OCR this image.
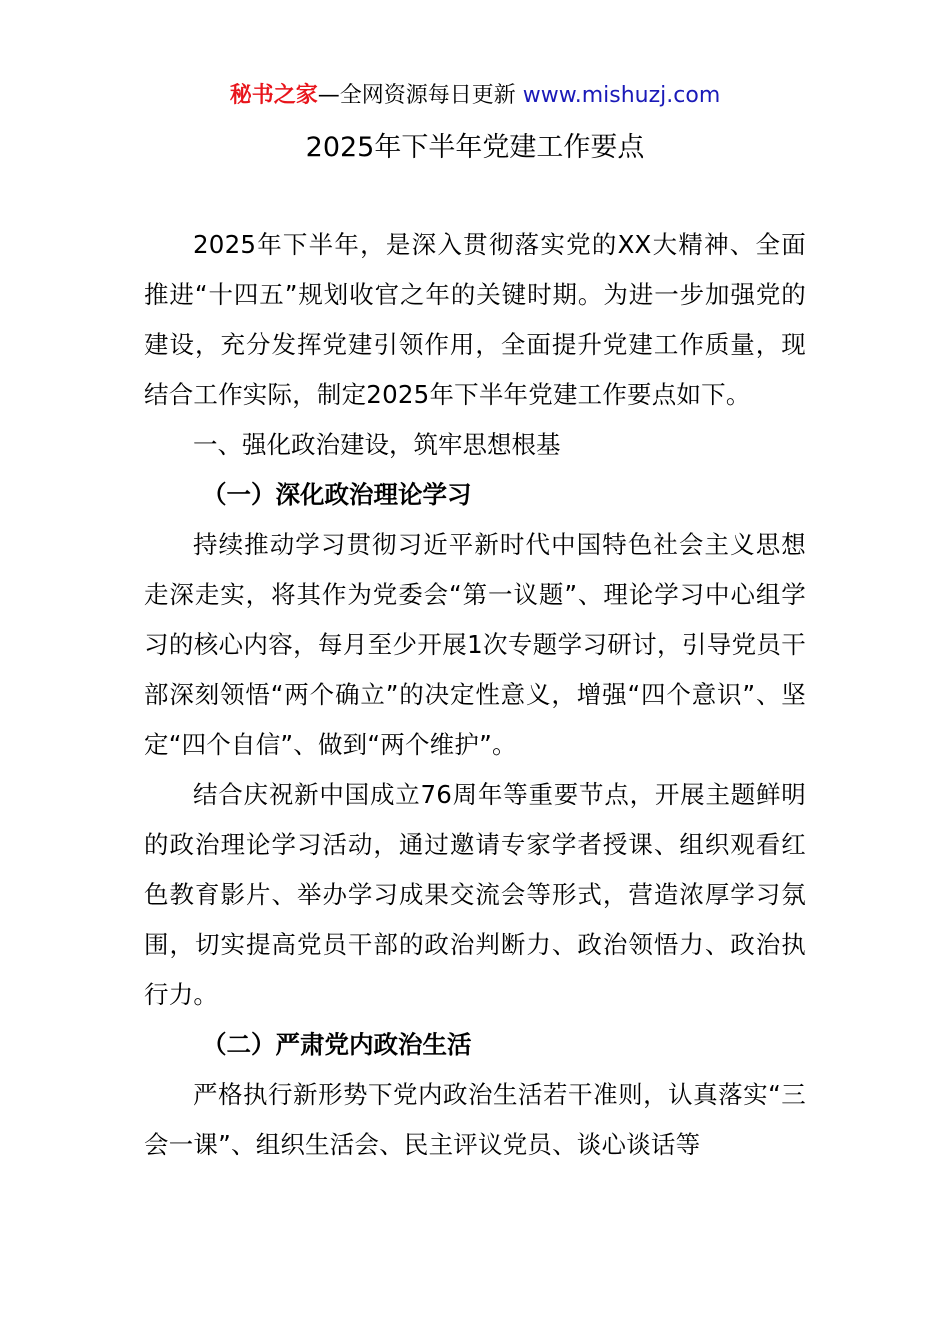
秘书之家—全网资源每日更新 www.mishuzj.com
2025年下半年党建工作要点

2025年下半年，是深入贯彻落实党的XX大精神、全面推进“十四五”规划收官之年的关键时期。为进一步加强党的建设，充分发挥党建引领作用，全面提升党建工作质量，现结合工作实际，制定2025年下半年党建工作要点如下。

一、强化政治建设，筑牢思想根基

（一）深化政治理论学习

持续推动学习贯彻习近平新时代中国特色社会主义思想走深走实，将其作为党委会“第一议题”、理论学习中心组学习的核心内容，每月至少开展1次专题学习研讨，引导党员干部深刻领悟“两个确立”的决定性意义，增强“四个意识”、坚定“四个自信”、做到“两个维护”。

结合庆祝新中国成立76周年等重要节点，开展主题鲜明的政治理论学习活动，通过邀请专家学者授课、组织观看红色教育影片、举办学习成果交流会等形式，营造浓厚学习氛围，切实提高党员干部的政治判断力、政治领悟力、政治执行力。

（二）严肃党内政治生活

严格执行新形势下党内政治生活若干准则，认真落实“三会一课”、组织生活会、民主评议党员、谈心谈话等
